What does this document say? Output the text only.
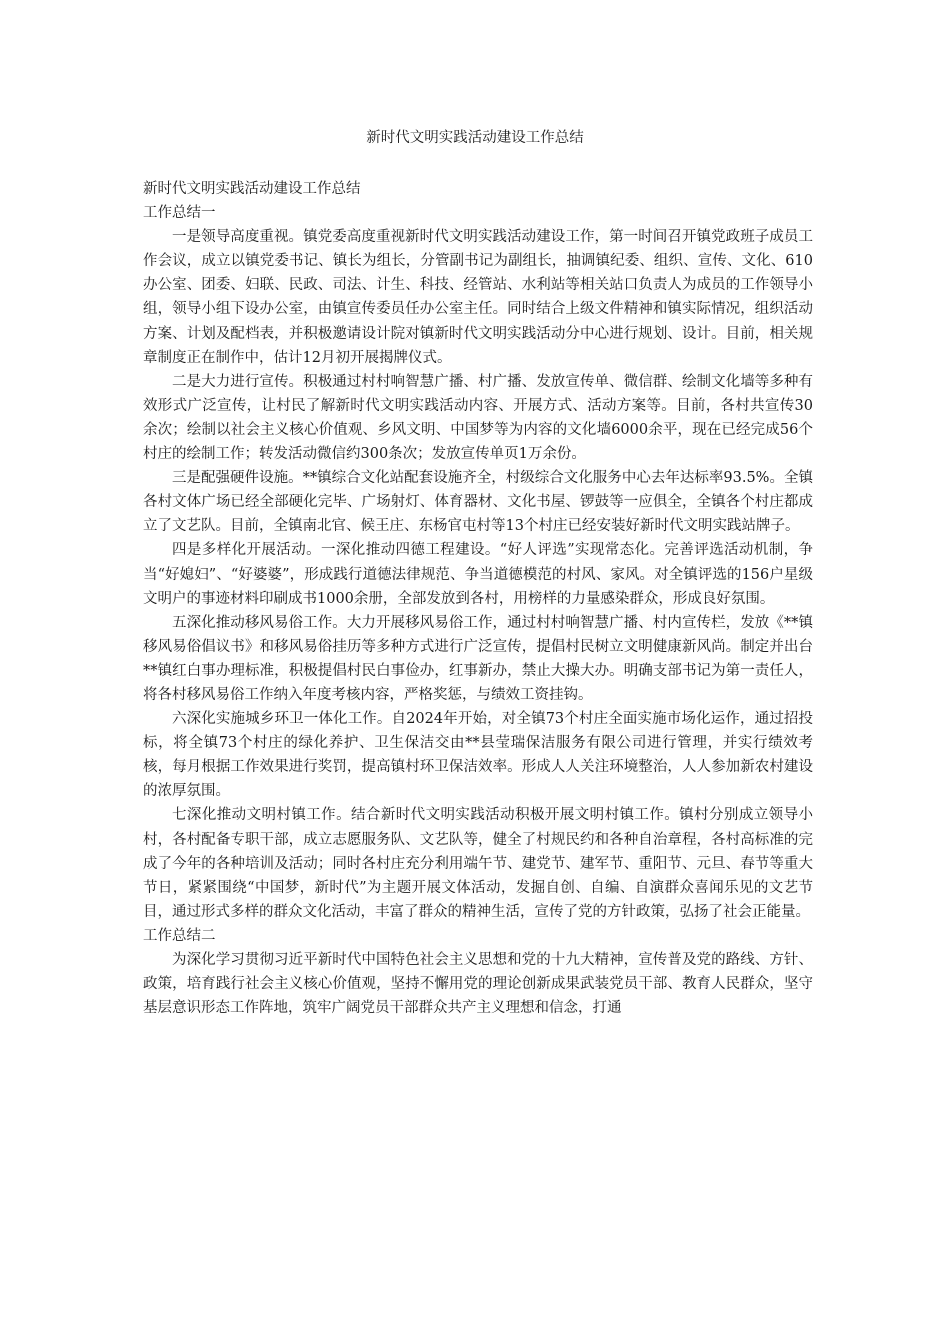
新时代文明实践活动建设工作总结

新时代文明实践活动建设工作总结

工作总结一

一是领导高度重视。镇党委高度重视新时代文明实践活动建设工作，第一时间召开镇党政班子成员工作会议，成立以镇党委书记、镇长为组长，分管副书记为副组长，抽调镇纪委、组织、宣传、文化、610办公室、团委、妇联、民政、司法、计生、科技、经管站、水利站等相关站口负责人为成员的工作领导小组，领导小组下设办公室，由镇宣传委员任办公室主任。同时结合上级文件精神和镇实际情况，组织活动方案、计划及配档表，并积极邀请设计院对镇新时代文明实践活动分中心进行规划、设计。目前，相关规章制度正在制作中，估计12月初开展揭牌仪式。

二是大力进行宣传。积极通过村村响智慧广播、村广播、发放宣传单、微信群、绘制文化墙等多种有效形式广泛宣传，让村民了解新时代文明实践活动内容、开展方式、活动方案等。目前，各村共宣传30余次；绘制以社会主义核心价值观、乡风文明、中国梦等为内容的文化墙6000余平，现在已经完成56个村庄的绘制工作；转发活动微信约300条次；发放宣传单页1万余份。

三是配强硬件设施。**镇综合文化站配套设施齐全，村级综合文化服务中心去年达标率93.5%。全镇各村文体广场已经全部硬化完毕、广场射灯、体育器材、文化书屋、锣鼓等一应俱全，全镇各个村庄都成立了文艺队。目前，全镇南北官、候王庄、东杨官屯村等13个村庄已经安装好新时代文明实践站牌子。

四是多样化开展活动。一深化推动四德工程建设。“好人评选”实现常态化。完善评选活动机制，争当“好媳妇”、“好婆婆”，形成践行道德法律规范、争当道德模范的村风、家风。对全镇评选的156户星级文明户的事迹材料印刷成书1000余册，全部发放到各村，用榜样的力量感染群众，形成良好氛围。

五深化推动移风易俗工作。大力开展移风易俗工作，通过村村响智慧广播、村内宣传栏，发放《**镇移风易俗倡议书》和移风易俗挂历等多种方式进行广泛宣传，提倡村民树立文明健康新风尚。制定并出台**镇红白事办理标准，积极提倡村民白事俭办，红事新办，禁止大操大办。明确支部书记为第一责任人，将各村移风易俗工作纳入年度考核内容，严格奖惩，与绩效工资挂钩。

六深化实施城乡环卫一体化工作。自2024年开始，对全镇73个村庄全面实施市场化运作，通过招投标，将全镇73个村庄的绿化养护、卫生保洁交由**县莹瑞保洁服务有限公司进行管理，并实行绩效考核，每月根据工作效果进行奖罚，提高镇村环卫保洁效率。形成人人关注环境整治，人人参加新农村建设的浓厚氛围。

七深化推动文明村镇工作。结合新时代文明实践活动积极开展文明村镇工作。镇村分别成立领导小村，各村配备专职干部，成立志愿服务队、文艺队等，健全了村规民约和各种自治章程，各村高标准的完成了今年的各种培训及活动；同时各村庄充分利用端午节、建党节、建军节、重阳节、元旦、春节等重大节日，紧紧围绕“中国梦，新时代”为主题开展文体活动，发掘自创、自编、自演群众喜闻乐见的文艺节目，通过形式多样的群众文化活动，丰富了群众的精神生活，宣传了党的方针政策，弘扬了社会正能量。

工作总结二

为深化学习贯彻习近平新时代中国特色社会主义思想和党的十九大精神，宣传普及党的路线、方针、政策，培育践行社会主义核心价值观，坚持不懈用党的理论创新成果武装党员干部、教育人民群众，坚守基层意识形态工作阵地，筑牢广阔党员干部群众共产主义理想和信念，打通
